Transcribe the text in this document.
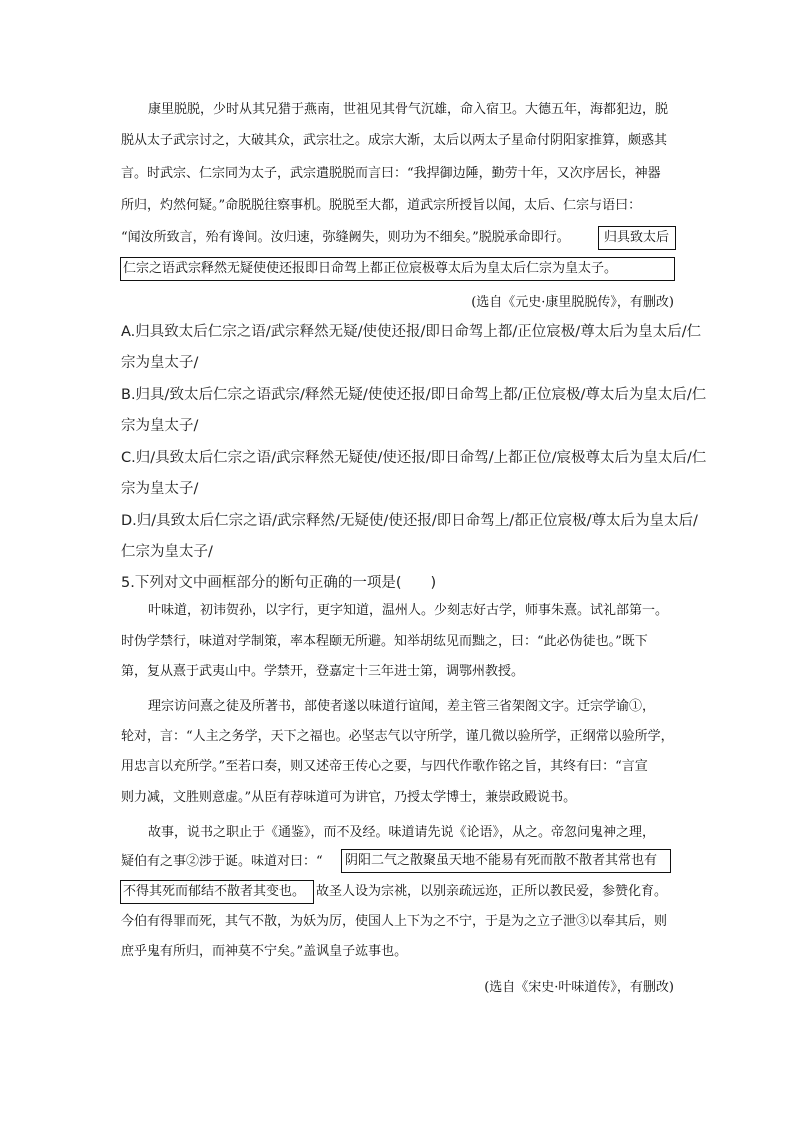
康里脱脱，少时从其兄猎于燕南，世祖见其骨气沉雄，命入宿卫。大德五年，海都犯边，脱
脱从太子武宗讨之，大破其众，武宗壮之。成宗大渐，太后以两太子星命付阴阳家推算，颇惑其
言。时武宗、仁宗同为太子，武宗遣脱脱而言曰：“我捍御边陲，勤劳十年，又次序居长，神器
所归，灼然何疑。”命脱脱往察事机。脱脱至大都，道武宗所授旨以闻，太后、仁宗与语曰：
“闻汝所致言，殆有谗间。汝归速，弥缝阙失，则功为不细矣。”脱脱承命即行。	归具致太后
仁宗之语武宗释然无疑使使还报即日命驾上都正位宸极尊太后为皇太后仁宗为皇太子。
(选自《元史·康里脱脱传》，有删改)
A.归具致太后仁宗之语/武宗释然无疑/使使还报/即日命驾上都/正位宸极/尊太后为皇太后/仁
宗为皇太子/
B.归具/致太后仁宗之语武宗/释然无疑/使使还报/即日命驾上都/正位宸极/尊太后为皇太后/仁
宗为皇太子/
C.归/具致太后仁宗之语/武宗释然无疑使/使还报/即日命驾/上都正位/宸极尊太后为皇太后/仁
宗为皇太子/
D.归/具致太后仁宗之语/武宗释然/无疑使/使还报/即日命驾上/都正位宸极/尊太后为皇太后/
仁宗为皇太子/
5.下列对文中画框部分的断句正确的一项是(　　)
叶味道，初讳贺孙，以字行，更字知道，温州人。少刻志好古学，师事朱熹。试礼部第一。
时伪学禁行，味道对学制策，率本程颐无所避。知举胡纮见而黜之，曰：“此必伪徒也。”既下
第，复从熹于武夷山中。学禁开，登嘉定十三年进士第，调鄂州教授。
理宗访问熹之徒及所著书，部使者遂以味道行谊闻，差主管三省架阁文字。迁宗学谕①，
轮对，言：“人主之务学，天下之福也。必坚志气以守所学，谨几微以验所学，正纲常以验所学，
用忠言以充所学。”至若口奏，则又述帝王传心之要，与四代作歌作铭之旨，其终有曰：“言宣
则力减，文胜则意虚。”从臣有荐味道可为讲官，乃授太学博士，兼崇政殿说书。
故事，说书之职止于《通鉴》，而不及经。味道请先说《论语》，从之。帝忽问鬼神之理，
疑伯有之事②涉于诞。味道对曰：“ 阴阳二气之散聚虽天地不能易有死而散不散者其常也有
不得其死而郁结不散者其变也。 故圣人设为宗祧，以别亲疏远迩，正所以教民爱，参赞化育。
今伯有得罪而死，其气不散，为妖为厉，使国人上下为之不宁，于是为之立子泄③以奉其后，则
庶乎鬼有所归，而神莫不宁矣。”盖讽皇子竑事也。
(选自《宋史·叶味道传》，有删改)
